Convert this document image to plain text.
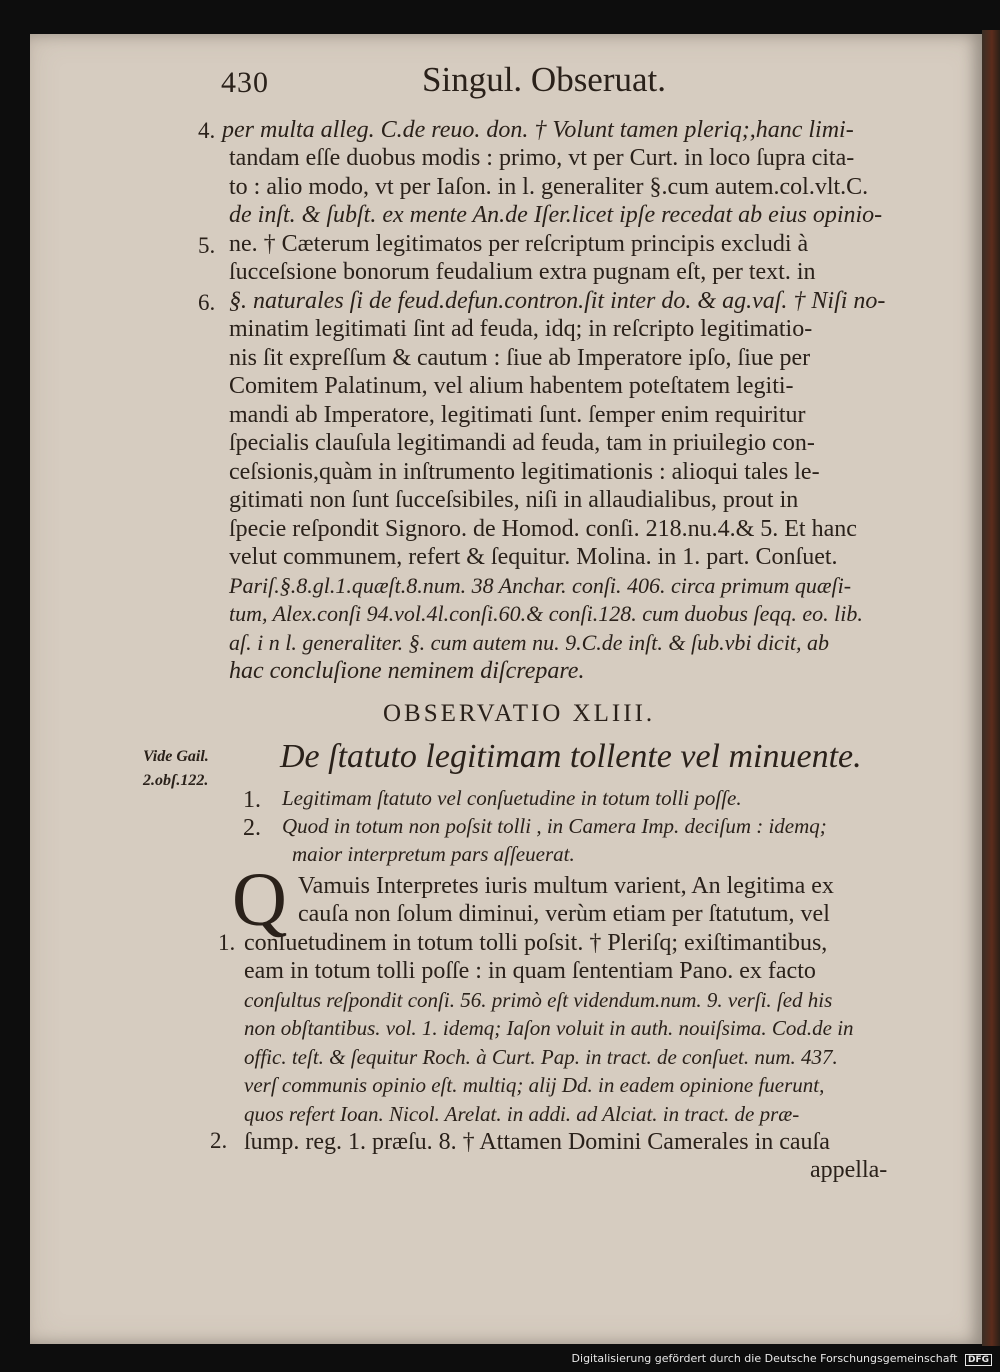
430	Singul. Obseruat.
4.
5.
6.
per multa alleg. C.de reuo. don. † Volunt tamen pleriq;,hanc limi-
tandam eſſe duobus modis : primo, vt per Curt. in loco ſupra cita-
to : alio modo, vt per Iaſon. in l. generaliter §.cum autem.col.vlt.C.
de inſt. & ſubſt. ex mente An.de Iſer.licet ipſe recedat ab eius opinio-
ne. † Cæterum legitimatos per reſcriptum principis excludi à
ſucceſsione bonorum feudalium extra pugnam eſt, per text. in
§. naturales ſi de feud.defun.contron.ſit inter do. & ag.vaſ. † Niſi no-
minatim legitimati ſint ad feuda, idq; in reſcripto legitimatio-
nis ſit expreſſum & cautum : ſiue ab Imperatore ipſo, ſiue per
Comitem Palatinum, vel alium habentem poteſtatem legiti-
mandi ab Imperatore, legitimati ſunt. ſemper enim requiritur
ſpecialis clauſula legitimandi ad feuda, tam in priuilegio con-
ceſsionis,quàm in inſtrumento legitimationis : alioqui tales le-
gitimati non ſunt ſucceſsibiles, niſi in allaudialibus, prout in
ſpecie reſpondit Signoro. de Homod. conſi. 218.nu.4.& 5. Et hanc
velut communem, refert & ſequitur. Molina. in 1. part. Conſuet.
Pariſ.§.8.gl.1.quæſt.8.num. 38 Anchar. conſi. 406. circa primum quæſi-
tum, Alex.conſi 94.vol.4l.conſi.60.& conſi.128. cum duobus ſeqq. eo. lib.
aſ. i n l. generaliter. §. cum autem nu. 9.C.de inſt. & ſub.vbi dicit, ab
hac concluſione neminem diſcrepare.
OBSERVATIO XLIII.
Vide Gail.
2.obſ.122.
De ſtatuto legitimam tollente vel minuente.
1. Legitimam ſtatuto vel conſuetudine in totum tolli poſſe.
2. Quod in totum non poſsit tolli , in Camera Imp. deciſum : idemq;
maior interpretum pars aſſeuerat.
Q
1.
2.
Vamuis Interpretes iuris multum varient, An legitima ex
cauſa non ſolum diminui, verùm etiam per ſtatutum, vel
conſuetudinem in totum tolli poſsit. † Pleriſq; exiſtimantibus,
eam in totum tolli poſſe : in quam ſententiam Pano. ex facto
conſultus reſpondit conſi. 56. primò eſt videndum.num. 9. verſi. ſed his
non obſtantibus. vol. 1. idemq; Iaſon voluit in auth. nouiſsima. Cod.de in
offic. teſt. & ſequitur Roch. à Curt. Pap. in tract. de conſuet. num. 437.
verſ communis opinio eſt. multiq; alij Dd. in eadem opinione fuerunt,
quos refert Ioan. Nicol. Arelat. in addi. ad Alciat. in tract. de præ-
ſump. reg. 1. præſu. 8. † Attamen Domini Camerales in cauſa
appella-
Digitalisierung gefördert durch die Deutsche Forschungsgemeinschaft DFG
